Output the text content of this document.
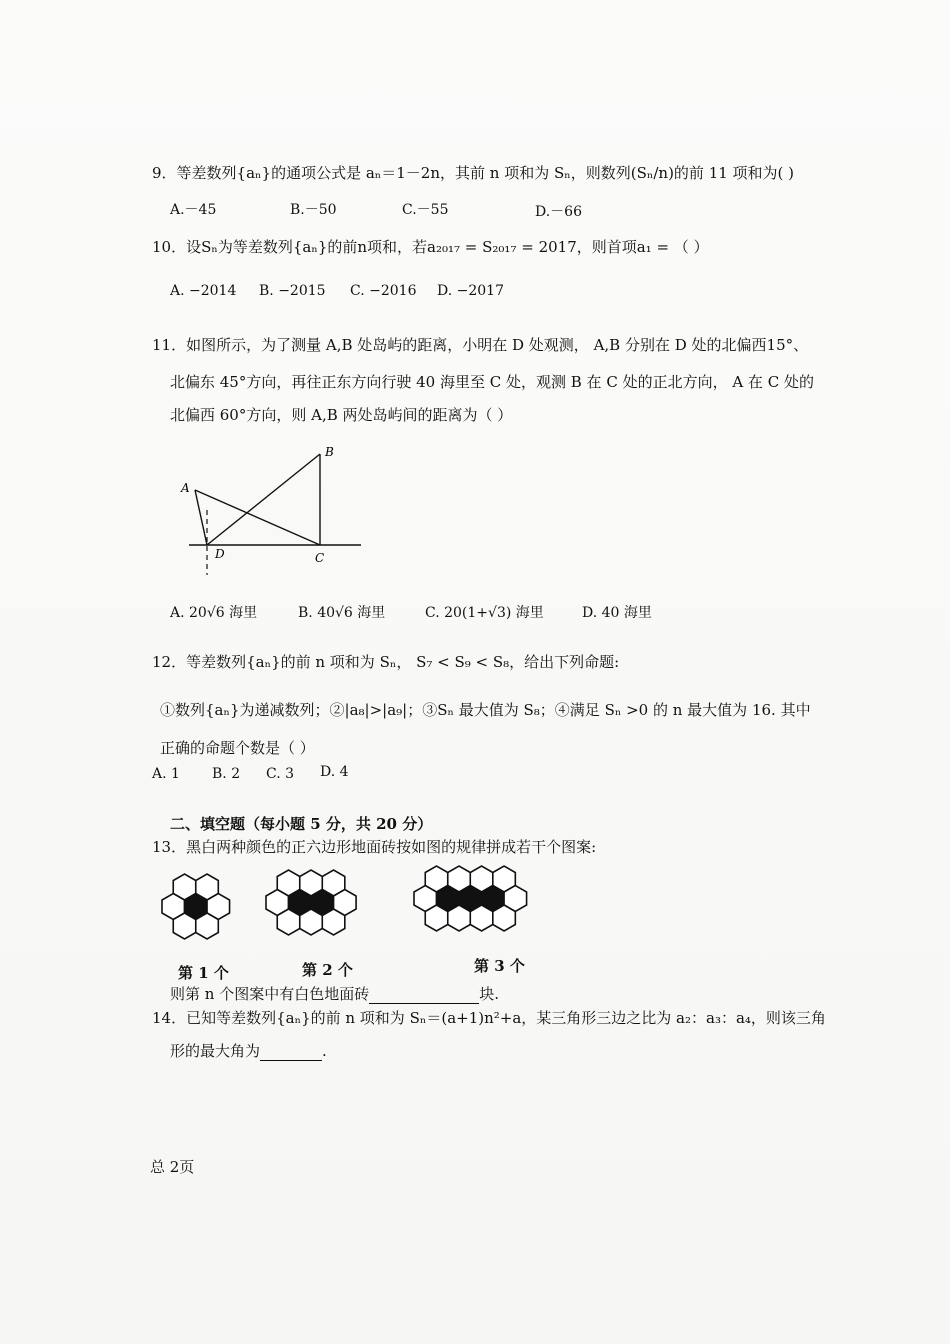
9．等差数列{aₙ}的通项公式是 aₙ＝1－2n，其前 n 项和为 Sₙ，则数列(Sₙ/n)的前 11 项和为( )
A.－45	B.－50	C.－55	D.－66
10．设Sₙ为等差数列{aₙ}的前n项和，若a₂₀₁₇ = S₂₀₁₇ = 2017，则首项a₁ = （ ）
A. −2014 B. −2015 C. −2016 D. −2017
11．如图所示，为了测量 A,B 处岛屿的距离，小明在 D 处观测， A,B 分别在 D 处的北偏西15°、
北偏东 45°方向，再往正东方向行驶 40 海里至 C 处，观测 B 在 C 处的正北方向， A 在 C 处的
北偏西 60°方向，则 A,B 两处岛屿间的距离为（ ）
A
B
C
D
A. 20√6 海里	B. 40√6 海里	C. 20(1+√3) 海里	D. 40 海里
12．等差数列{aₙ}的前 n 项和为 Sₙ， S₇ < S₉ < S₈，给出下列命题:
①数列{aₙ}为递减数列；②|a₈|>|a₉|；③Sₙ 最大值为 S₈；④满足 Sₙ >0 的 n 最大值为 16. 其中
正确的命题个数是（ ）
A. 1 B. 2 C. 3 D. 4
二、填空题（每小题 5 分，共 20 分）
13．黑白两种颜色的正六边形地面砖按如图的规律拼成若干个图案:
第 1 个	第 2 个	第 3 个
则第 n 个图案中有白色地面砖	块.
14．已知等差数列{aₙ}的前 n 项和为 Sₙ＝(a+1)n²+a，某三角形三边之比为 a₂：a₃：a₄，则该三角
形的最大角为	.
总 2页
